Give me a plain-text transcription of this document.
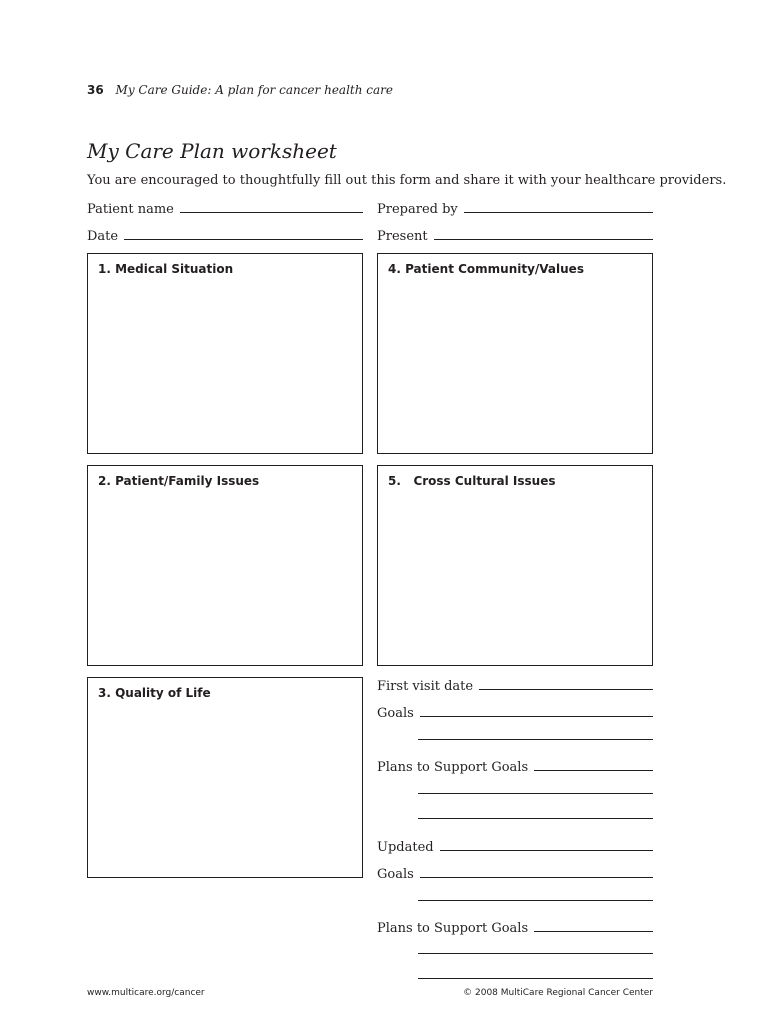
36 My Care Guide: A plan for cancer health care
My Care Plan worksheet
You are encouraged to thoughtfully fill out this form and share it with your healthcare providers.
Patient name	Prepared by
Date	Present
1. Medical Situation	4. Patient Community/Values
2. Patient/Family Issues	5.   Cross Cultural Issues
3. Quality of Life	First visit date
Goals
Plans to Support Goals
Updated
Goals
Plans to Support Goals
www.multicare.org/cancer	© 2008 MultiCare Regional Cancer Center
